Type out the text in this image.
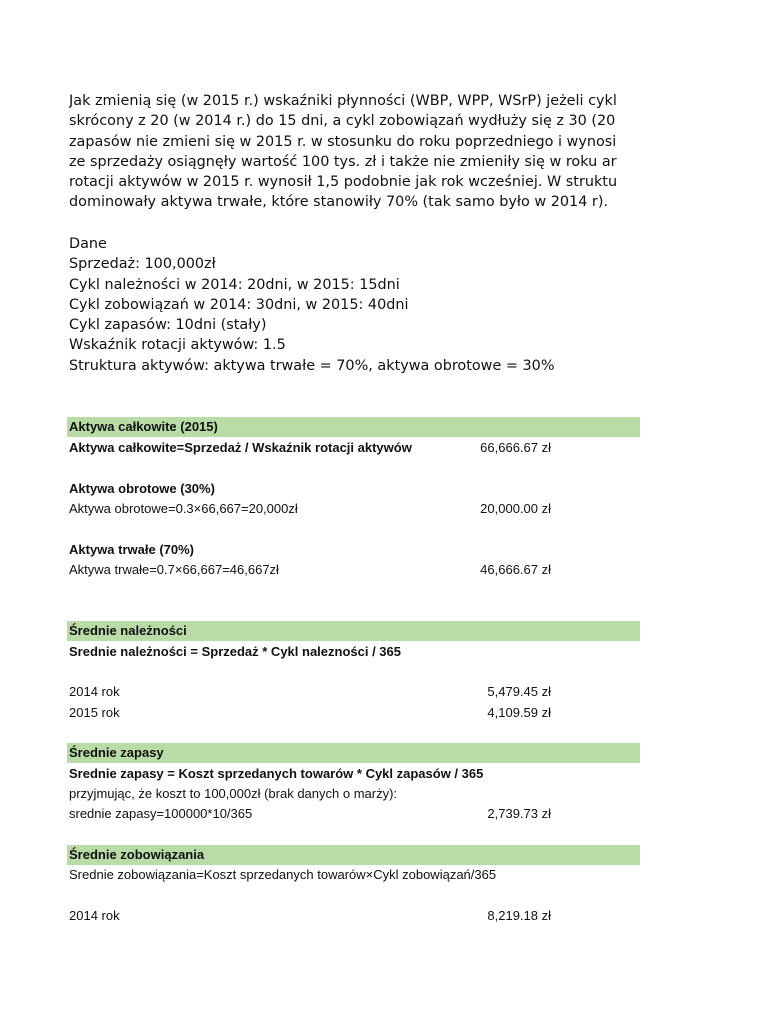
Jak zmienią się (w 2015 r.) wskaźniki płynności (WBP, WPP, WSrP) jeżeli cykl
skrócony z 20 (w 2014 r.) do 15 dni, a cykl zobowiązań wydłuży się z 30 (20
zapasów nie zmieni się w 2015 r. w stosunku do roku poprzedniego i wynosi
ze sprzedaży osiągnęły wartość 100 tys. zł i także nie zmieniły się w roku ar
rotacji aktywów w 2015 r. wynosił 1,5 podobnie jak rok wcześniej. W struktu
dominowały aktywa trwałe, które stanowiły 70% (tak samo było w 2014 r).
Dane
Sprzedaż: 100,000zł
Cykl należności w 2014: 20dni, w 2015: 15dni
Cykl zobowiązań w 2014: 30dni, w 2015: 40dni
Cykl zapasów: 10dni (stały)
Wskaźnik rotacji aktywów: 1.5
Struktura aktywów: aktywa trwałe = 70%, aktywa obrotowe = 30%
Aktywa całkowite (2015)
Aktywa całkowite=Sprzedaż / Wskaźnik rotacji aktywów	66,666.67 zł
Aktywa obrotowe (30%)
Aktywa obrotowe=0.3×66,667=20,000zł	20,000.00 zł
Aktywa trwałe (70%)
Aktywa trwałe=0.7×66,667=46,667zł	46,666.67 zł
Średnie należności
Srednie należności = Sprzedaż * Cykl nalezności / 365
2014 rok	5,479.45 zł
2015 rok	4,109.59 zł
Średnie zapasy
Srednie zapasy = Koszt sprzedanych towarów * Cykl zapasów / 365
przyjmując, że koszt to 100,000zł (brak danych o marży):
srednie zapasy=100000*10/365	2,739.73 zł
Średnie zobowiązania
Srednie zobowiązania=Koszt sprzedanych towarów×Cykl zobowiązań/365
2014 rok	8,219.18 zł
